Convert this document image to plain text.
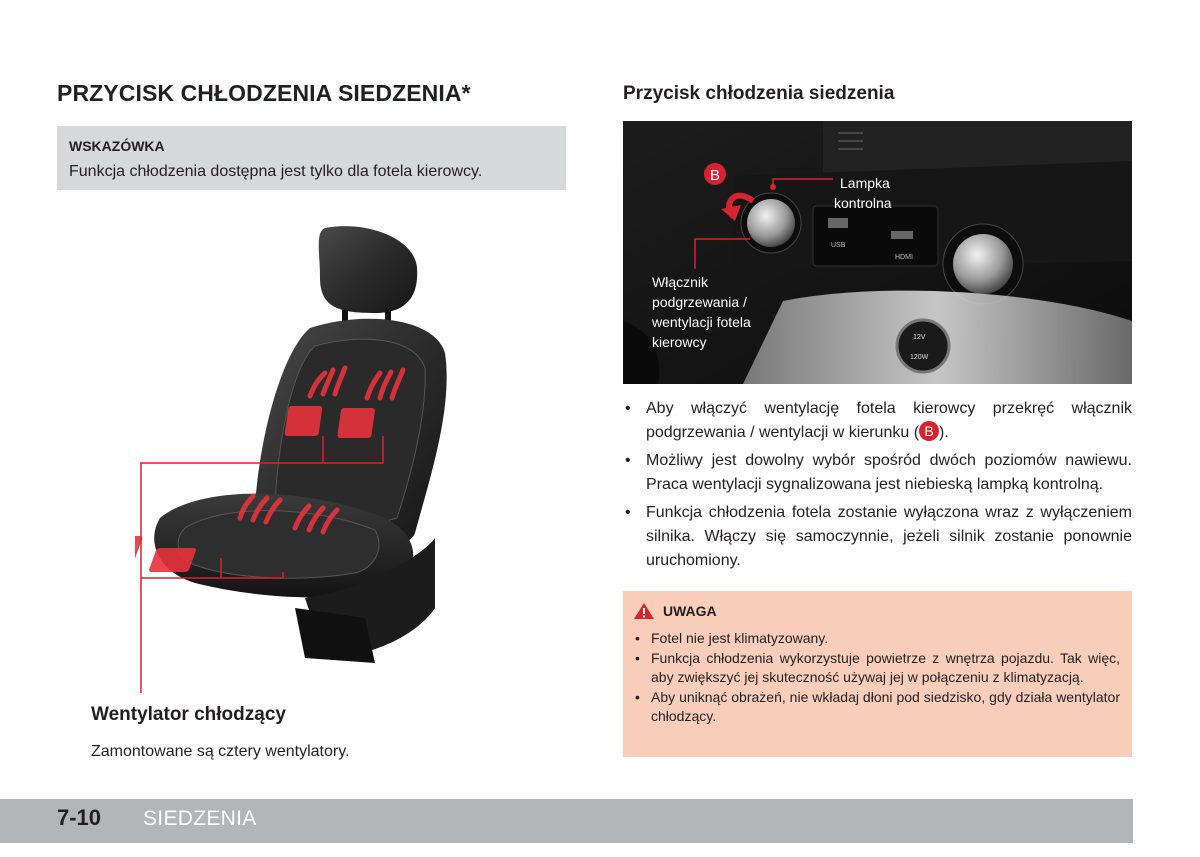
PRZYCISK CHŁODZENIA SIEDZENIA*
WSKAZÓWKA
Funkcja chłodzenia dostępna jest tylko dla fotela kierowcy.
Wentylator chłodzący
Zamontowane są cztery wentylatory.
Przycisk chłodzenia siedzenia
USB
HDMI
12V
120W
B	Lampka
kontrolna
Włącznik
podgrzewania /
wentylacji fotela
kierowcy
• Aby włączyć wentylację fotela kierowcy przekręć włącznik podgrzewania / wentylacji w kierunku ( B ).
• Możliwy jest dowolny wybór spośród dwóch poziomów nawiewu. Praca wentylacji sygnalizowana jest niebieską lampką kontrolną.
• Funkcja chłodzenia fotela zostanie wyłączona wraz z wyłączeniem silnika. Włączy się samoczynnie, jeżeli silnik zostanie ponownie uruchomiony.
UWAGA
• Fotel nie jest klimatyzowany.
• Funkcja chłodzenia wykorzystuje powietrze z wnętrza pojazdu. Tak więc, aby zwiększyć jej skuteczność używaj jej w połączeniu z klimatyzacją.
• Aby uniknąć obrażeń, nie wkładaj dłoni pod siedzisko, gdy działa wentylator chłodzący.
7-10 SIEDZENIA
